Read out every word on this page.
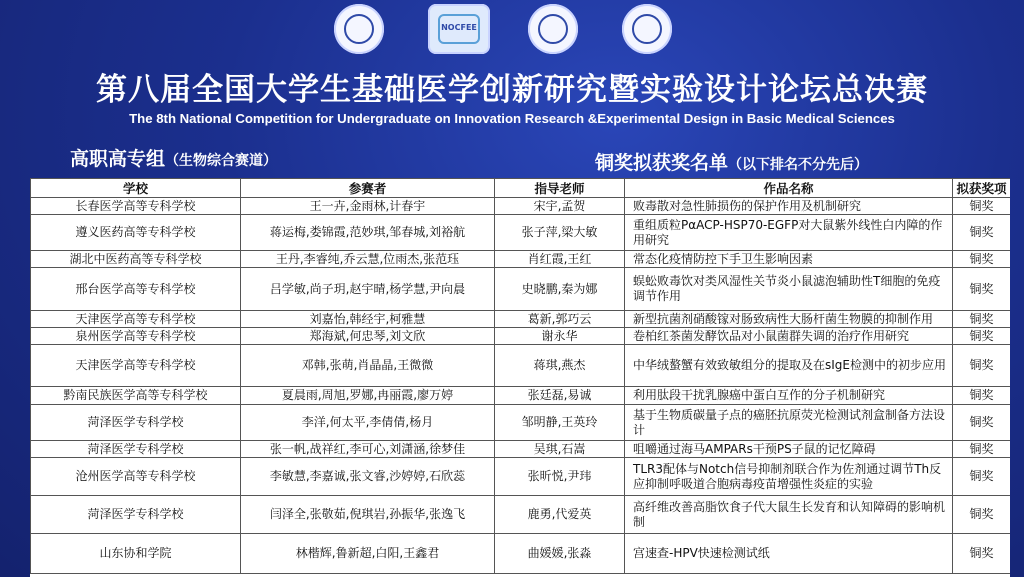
NOCFEE
第八届全国大学生基础医学创新研究暨实验设计论坛总决赛
The 8th National Competition for Undergraduate on Innovation Research &Experimental Design in Basic Medical Sciences
高职高专组（生物综合赛道）	铜奖拟获奖名单（以下排名不分先后）
学校	参赛者	指导老师	作品名称	拟获奖项
长春医学高等专科学校	王一卉,金雨林,计春宇	宋宇,孟贺	败毒散对急性肺损伤的保护作用及机制研究	铜奖
遵义医药高等专科学校	蒋运梅,娄锦霞,范妙琪,邹春城,刘裕航	张子萍,梁大敏	重组质粒PαACP-HSP70-EGFP对大鼠紫外线性白内障的作用研究	铜奖
湖北中医药高等专科学校	王丹,李睿纯,乔云慧,位雨杰,张范珏	肖红霞,王红	常态化疫情防控下手卫生影响因素	铜奖
邢台医学高等专科学校	吕学敏,尚子玥,赵宇晴,杨学慧,尹向晨	史晓鹏,秦为娜	蜈蚣败毒饮对类风湿性关节炎小鼠滤泡辅助性T细胞的免疫调节作用	铜奖
天津医学高等专科学校	刘嘉怡,韩经宇,柯雅慧	葛新,郭巧云	新型抗菌剂硝酸镓对肠致病性大肠杆菌生物膜的抑制作用	铜奖
泉州医学高等专科学校	郑海斌,何忠琴,刘文欣	谢永华	卷柏红茶菌发酵饮品对小鼠菌群失调的治疗作用研究	铜奖
天津医学高等专科学校	邓韩,张萌,肖晶晶,王微微	蒋琪,燕杰	中华绒螯蟹有效致敏组分的提取及在sIgE检测中的初步应用	铜奖
黔南民族医学高等专科学校	夏晨雨,周旭,罗娜,冉丽霞,廖万婷	张廷磊,易诚	利用肽段干扰乳腺癌中蛋白互作的分子机制研究	铜奖
菏泽医学专科学校	李洋,何太平,李倩倩,杨月	邹明静,王英玲	基于生物质碳量子点的癌胚抗原荧光检测试剂盒制备方法设计	铜奖
菏泽医学专科学校	张一帆,战祥红,李可心,刘潇涵,徐梦佳	吴琪,石嵩	咀嚼通过海马AMPARs干预PS子鼠的记忆障碍	铜奖
沧州医学高等专科学校	李敏慧,李嘉诚,张文睿,沙婷婷,石欣蕊	张昕悦,尹玮	TLR3配体与Notch信号抑制剂联合作为佐剂通过调节Th反应抑制呼吸道合胞病毒疫苗增强性炎症的实验	铜奖
菏泽医学专科学校	闫泽全,张敬茹,倪琪岩,孙振华,张逸飞	鹿勇,代爱英	高纤维改善高脂饮食子代大鼠生长发育和认知障碍的影响机制	铜奖
山东协和学院	林楷辉,鲁新超,白阳,王鑫君	曲媛媛,张淼	宫速查-HPV快速检测试纸	铜奖
